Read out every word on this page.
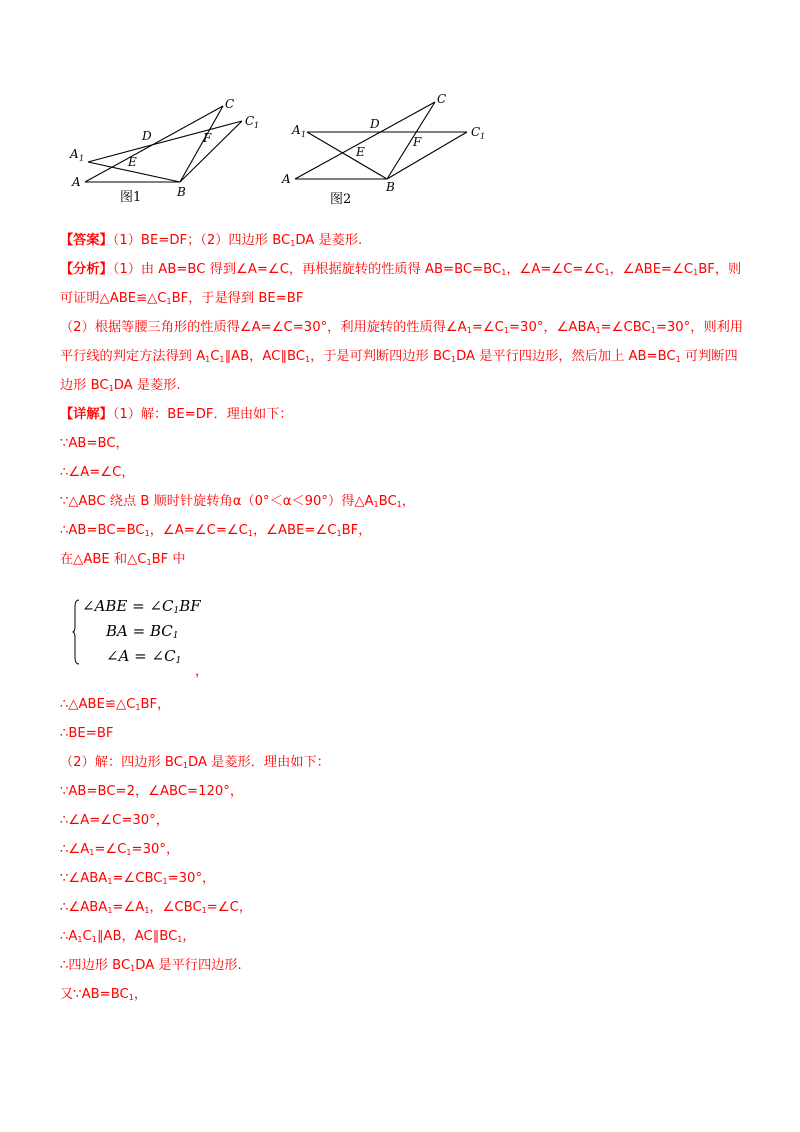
C
C 1
D	F
A 1	E
A
B
图1
C
A 1
D
C 1
E
F
A
B
图2
【答案】（1）BE=DF；（2）四边形 $BC_1DA$ 是菱形.
【分析】（1）由 AB=BC 得到∠A=∠C，再根据旋转的性质得 $AB=BC=BC_1$，$\angle A=\angle C=\angle C_1$，$\angle ABE=\angle C_1BF$，则可证明$\triangle ABE≌\triangle C_1BF$，于是得到 BE=BF
（2）根据等腰三角形的性质得∠A=∠C=30°，利用旋转的性质得$\angle A_1=\angle C_1=30^\circ$，$\angle ABA_1=\angle CBC_1=30^\circ$，则利用平行线的判定方法得到 $A_1C_1\parallel AB$，$AC\parallel BC_1$，于是可判断四边形 $BC_1DA$ 是平行四边形，然后加上 $AB=BC_1$ 可判断四边形 $BC_1DA$ 是菱形.
【详解】（1）解：BE=DF．理由如下：
∵AB=BC，
∴∠A=∠C，
∵△ABC 绕点 B 顺时针旋转角α（0°＜α＜90°）得$\triangle A_1BC_1$，
$\therefore AB=BC=BC_1$，$\angle A=\angle C=\angle C_1$，$\angle ABE=\angle C_1BF$，
在△ABE 和$\triangle C_1BF$ 中
∠ABE = $\angle C_1BF$
BA = $BC_1$
∠A = $\angle C_1$
，
$\therefore\triangle ABE≌\triangle C_1BF$，
∴BE=BF
（2）解：四边形 $BC_1DA$ 是菱形．理由如下：
∵AB=BC=2，∠ABC=120°，
∴∠A=∠C=30°，
$\therefore\angle A_1=\angle C_1=30^\circ$，
$\because\angle ABA_1=\angle CBC_1=30^\circ$，
$\therefore\angle ABA_1=\angle A_1$，$\angle CBC_1=\angle C$，
$\therefore A_1C_1\parallel AB$，$AC\parallel BC_1$，
∴四边形 $BC_1DA$ 是平行四边形.
又$\because AB=BC_1$，
